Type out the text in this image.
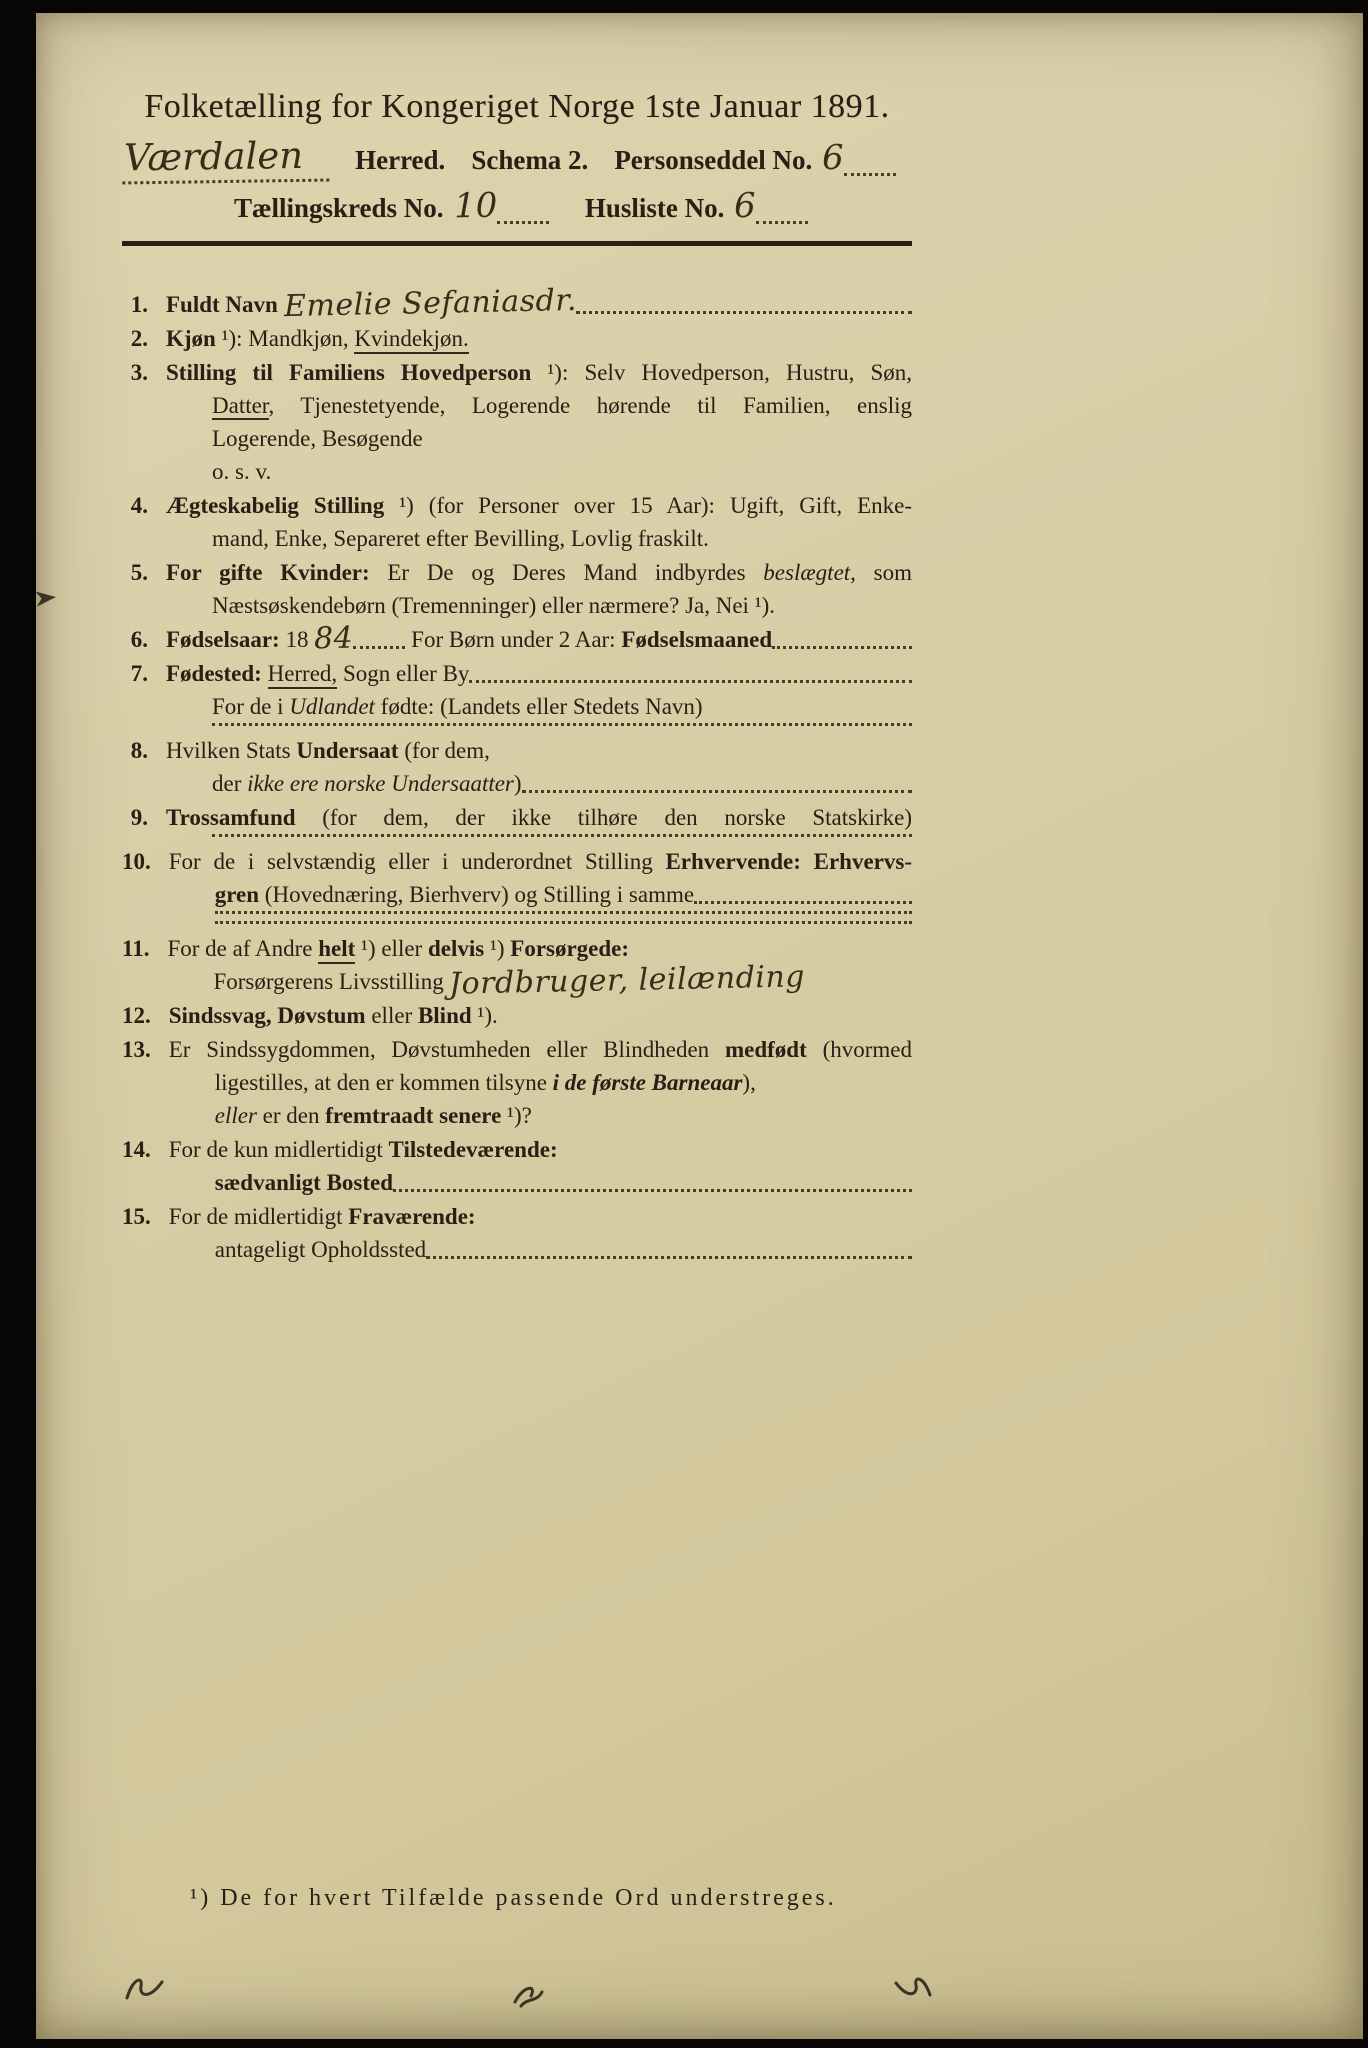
Folketælling for Kongeriget Norge 1ste Januar 1891.
Værdalen	Herred. Schema 2. Personseddel No. 6
Tællingskreds No. 10	Husliste No. 6
1. Fuldt Navn Emelie Sefaniasdr.
2. Kjøn ¹): Mandkjøn, Kvindekjøn.
3. Stilling til Familiens Hovedperson ¹): Selv Hovedperson, Hustru, Søn,
Datter, Tjenestetyende, Logerende hørende til Familien, enslig
Logerende, Besøgende
o. s. v.
4. Ægteskabelig Stilling ¹) (for Personer over 15 Aar): Ugift, Gift, Enke-
mand, Enke, Separeret efter Bevilling, Lovlig fraskilt.
5. For gifte Kvinder: Er De og Deres Mand indbyrdes beslægtet, som
Næstsøskendebørn (Tremenninger) eller nærmere? Ja, Nei ¹).
6. Fødselsaar: 18 84 For Børn under 2 Aar: Fødselsmaaned
7. Fødested: Herred, Sogn eller By
For de i Udlandet fødte: (Landets eller Stedets Navn)
8. Hvilken Stats Undersaat (for dem,
der ikke ere norske Undersaatter )
9. Trossamfund (for dem, der ikke tilhøre den norske Statskirke)
10. For de i selvstændig eller i underordnet Stilling Erhvervende: Erhvervs-
gren (Hovednæring, Bierhverv) og Stilling i samme
11. For de af Andre helt ¹) eller delvis ¹) Forsørgede:
Forsørgerens Livsstilling Jordbruger, leilænding
12. Sindssvag, Døvstum eller Blind ¹).
13. Er Sindssygdommen, Døvstumheden eller Blindheden medfødt (hvormed
ligestilles, at den er kommen tilsyne i de første Barneaar ),
eller er den fremtraadt senere ¹)?
14. For de kun midlertidigt Tilstedeværende:
sædvanligt Bosted
15. For de midlertidigt Fraværende:
antageligt Opholdssted
¹) De for hvert Tilfælde passende Ord understreges.
